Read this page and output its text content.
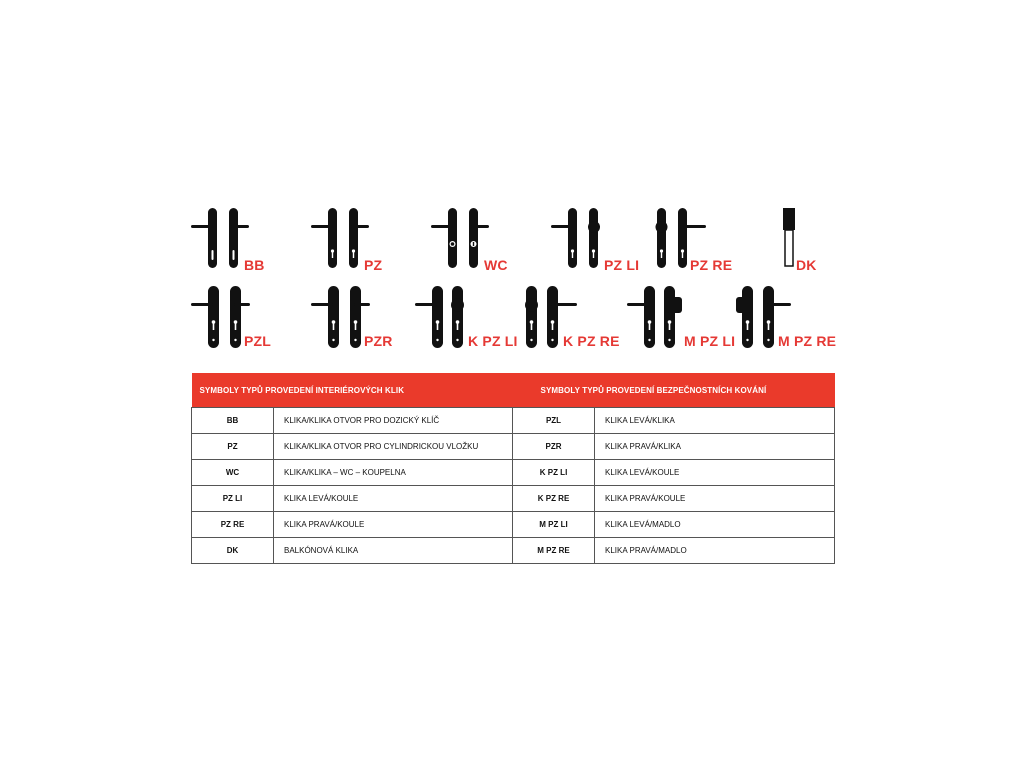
BB	PZ	WC	PZ LI	PZ RE	DK
PZL	PZR	K PZ LI	K PZ RE	M PZ LI	M PZ RE
SYMBOLY TYPŮ PROVEDENÍ INTERIÉROVÝCH KLIK		SYMBOLY TYPŮ PROVEDENÍ BEZPEČNOSTNÍCH KOVÁNÍ	
BB	KLIKA/KLIKA OTVOR PRO DOZICKÝ KLÍČ	PZL	KLIKA LEVÁ/KLIKA
PZ	KLIKA/KLIKA OTVOR PRO CYLINDRICKOU VLOŽKU	PZR	KLIKA PRAVÁ/KLIKA
WC	KLIKA/KLIKA – WC – KOUPELNA	K PZ LI	KLIKA LEVÁ/KOULE
PZ LI	KLIKA LEVÁ/KOULE	K PZ RE	KLIKA PRAVÁ/KOULE
PZ RE	KLIKA PRAVÁ/KOULE	M PZ LI	KLIKA LEVÁ/MADLO
DK	BALKÓNOVÁ KLIKA	M PZ RE	KLIKA PRAVÁ/MADLO
